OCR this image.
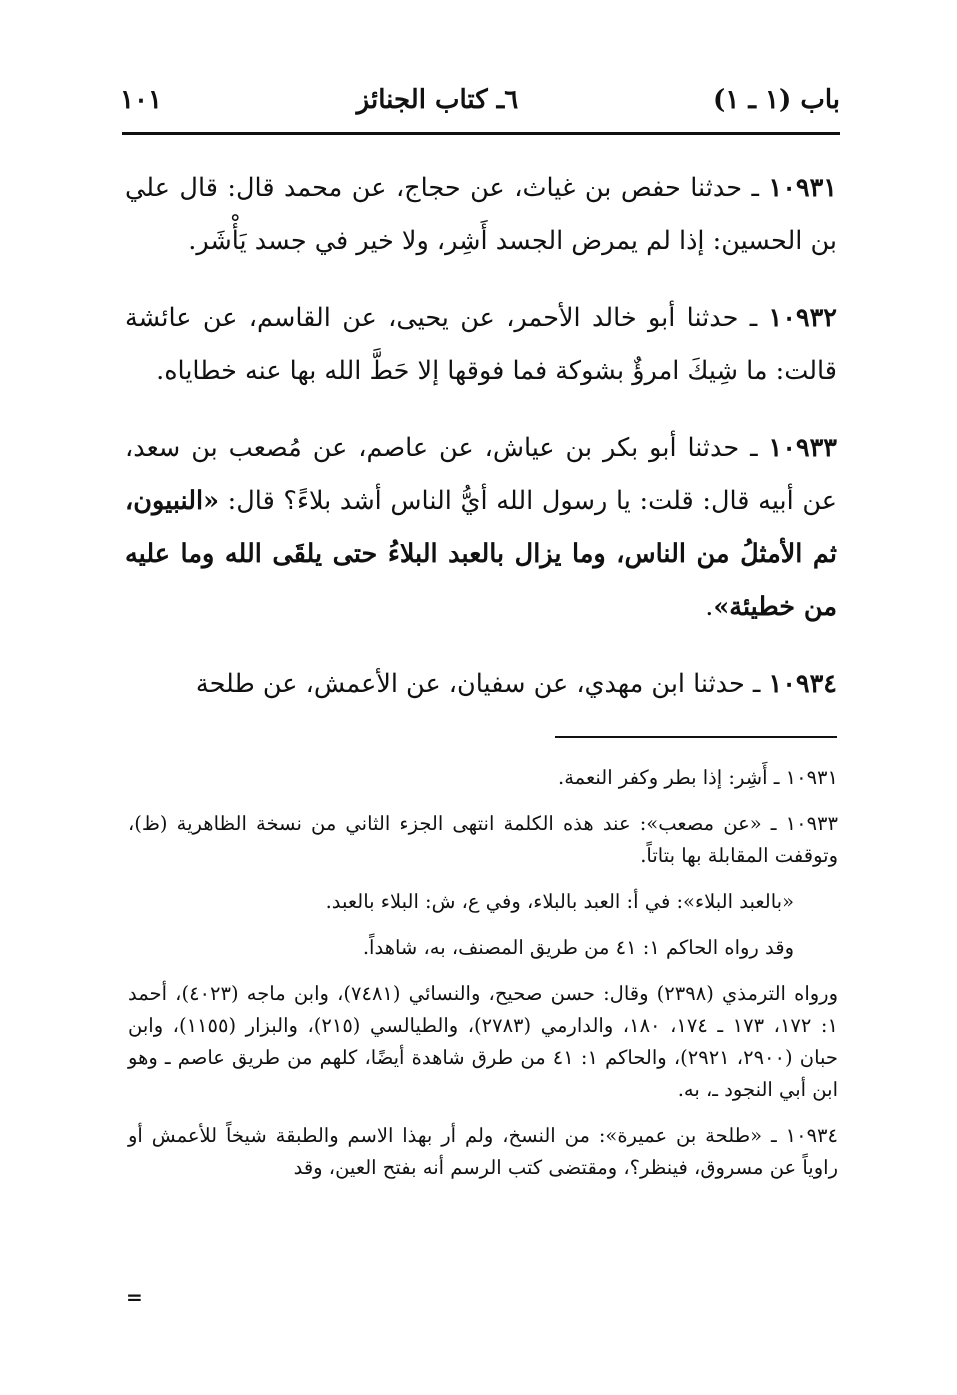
باب (١ ـ ١)
٦ـ كتاب الجنائز
١٠١

١٠٩٣١ ـ حدثنا حفص بن غياث، عن حجاج، عن محمد قال: قال علي بن الحسين: إذا لم يمرض الجسد أَشِر، ولا خير في جسد يَأْشَر.

١٠٩٣٢ ـ حدثنا أبو خالد الأحمر، عن يحيى، عن القاسم، عن عائشة قالت: ما شِيكَ امرؤٌ بشوكة فما فوقها إلا حَطَّ الله بها عنه خطاياه.

١٠٩٣٣ ـ حدثنا أبو بكر بن عياش، عن عاصم، عن مُصعب بن سعد، عن أبيه قال: قلت: يا رسول الله أيُّ الناس أشد بلاءً؟ قال: «النبيون، ثم الأمثلُ من الناس، وما يزال بالعبد البلاءُ حتى يلقَى الله وما عليه من خطيئة».

١٠٩٣٤ ـ حدثنا ابن مهدي، عن سفيان، عن الأعمش، عن طلحة

١٠٩٣١ ـ أَشِر: إذا بطر وكفر النعمة.

١٠٩٣٣ ـ «عن مصعب»: عند هذه الكلمة انتهى الجزء الثاني من نسخة الظاهرية (ظ)، وتوقفت المقابلة بها بتاتاً.

«بالعبد البلاء»: في أ: العبد بالبلاء، وفي ع، ش: البلاء بالعبد.

وقد رواه الحاكم ١: ٤١ من طريق المصنف، به، شاهداً.

ورواه الترمذي (٢٣٩٨) وقال: حسن صحيح، والنسائي (٧٤٨١)، وابن ماجه (٤٠٢٣)، أحمد ١: ١٧٢، ١٧٣ ـ ١٧٤، ١٨٠، والدارمي (٢٧٨٣)، والطيالسي (٢١٥)، والبزار (١١٥٥)، وابن حبان (٢٩٠٠، ٢٩٢١)، والحاكم ١: ٤١ من طرق شاهدة أيضًا، كلهم من طريق عاصم ـ وهو ابن أبي النجود ـ، به.

١٠٩٣٤ ـ «طلحة بن عميرة»: من النسخ، ولم أر بهذا الاسم والطبقة شيخاً للأعمش أو راوياً عن مسروق، فينظر؟، ومقتضى كتب الرسم أنه بفتح العين، وقد

=
